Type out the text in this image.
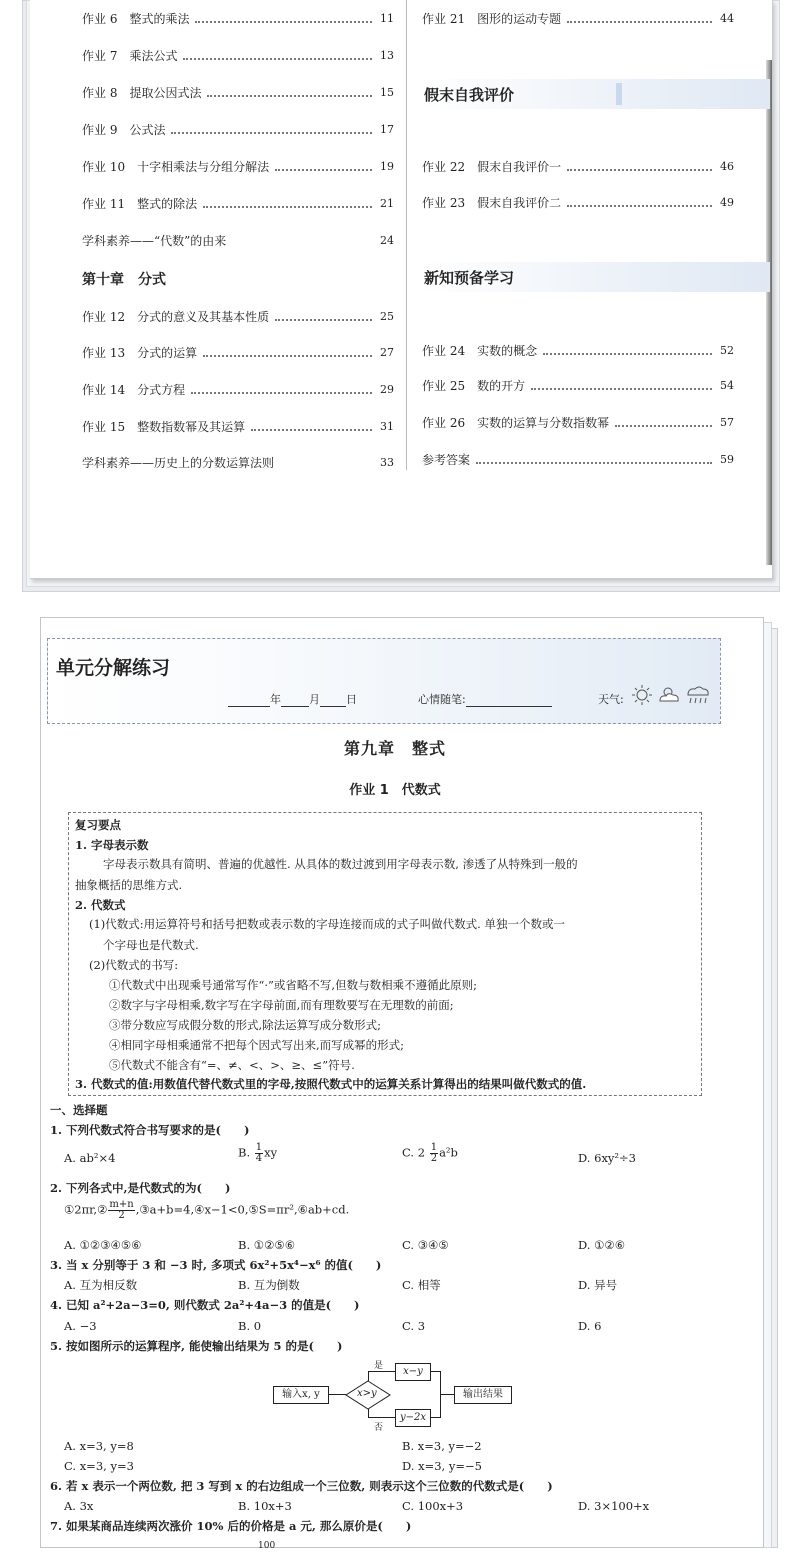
作业 6　整式的乘法	11
作业 7　乘法公式	13
作业 8　提取公因式法	15
作业 9　公式法	17
作业 10　十字相乘法与分组分解法	19
作业 11　整式的除法	21
学科素养——“代数”的由来	24
第十章　分式
作业 12　分式的意义及其基本性质	25
作业 13　分式的运算	27
作业 14　分式方程	29
作业 15　整数指数幂及其运算	31
学科素养——历史上的分数运算法则	33
作业 21　图形的运动专题	44
假末自我评价
作业 22　假末自我评价一	46
作业 23　假末自我评价二	49
新知预备学习
作业 24　实数的概念	52
作业 25　数的开方	54
作业 26　实数的运算与分数指数幂	57
参考答案	59
单元分解练习
年	月 日	心情随笔:	天气:
第九章　整式
作业 1　代数式
复习要点
1. 字母表示数
字母表示数具有简明、普遍的优越性. 从具体的数过渡到用字母表示数, 渗透了从特殊到一般的
抽象概括的思维方式.
2. 代数式
(1)代数式:用运算符号和括号把数或表示数的字母连接而成的式子叫做代数式. 单独一个数或一
个字母也是代数式.
(2)代数式的书写:
①代数式中出现乘号通常写作“·”或省略不写,但数与数相乘不遵循此原则;
②数字与字母相乘,数字写在字母前面,而有理数要写在无理数的前面;
③带分数应写成假分数的形式,除法运算写成分数形式;
④相同字母相乘通常不把每个因式写出来,而写成幂的形式;
⑤代数式不能含有“=、≠、<、>、≥、≤”符号.
3. 代数式的值:用数值代替代数式里的字母,按照代数式中的运算关系计算得出的结果叫做代数式的值.
一、选择题
1. 下列代数式符合书写要求的是(　　)
A. ab²×4	B. $\frac{1}{4}$ xy	C. $2 \frac{1}{2} a^2b$	D. 6xy²÷3
2. 下列各式中,是代数式的为(　　)
①2πr,② $\frac{m+n}{2}$ ,③a+b=4,④x−1<0,⑤S=πr²,⑥ab+cd.
A. ①②③④⑤⑥	B. ①②⑤⑥	C. ③④⑤	D. ①②⑥
3. 当 x 分别等于 3 和 −3 时, 多项式 6x²+5x⁴−x⁶ 的值(　　)
A. 互为相反数	B. 互为倒数	C. 相等	D. 异号
4. 已知 a²+2a−3=0, 则代数式 2a²+4a−3 的值是(　　)
A. −3	B. 0	C. 3	D. 6
5. 按如图所示的运算程序, 能使输出结果为 5 的是(　　)
输入x, y	x>y
是
否
x−y
y−2x
输出结果
A. x=3, y=8	B. x=3, y=−2
C. x=3, y=3	D. x=3, y=−5
6. 若 x 表示一个两位数, 把 3 写到 x 的右边组成一个三位数, 则表示这个三位数的代数式是(　　)
A. 3x	B. 10x+3	C. 100x+3	D. 3×100+x
7. 如果某商品连续两次涨价 10% 后的价格是 a 元, 那么原价是(　　)
100
